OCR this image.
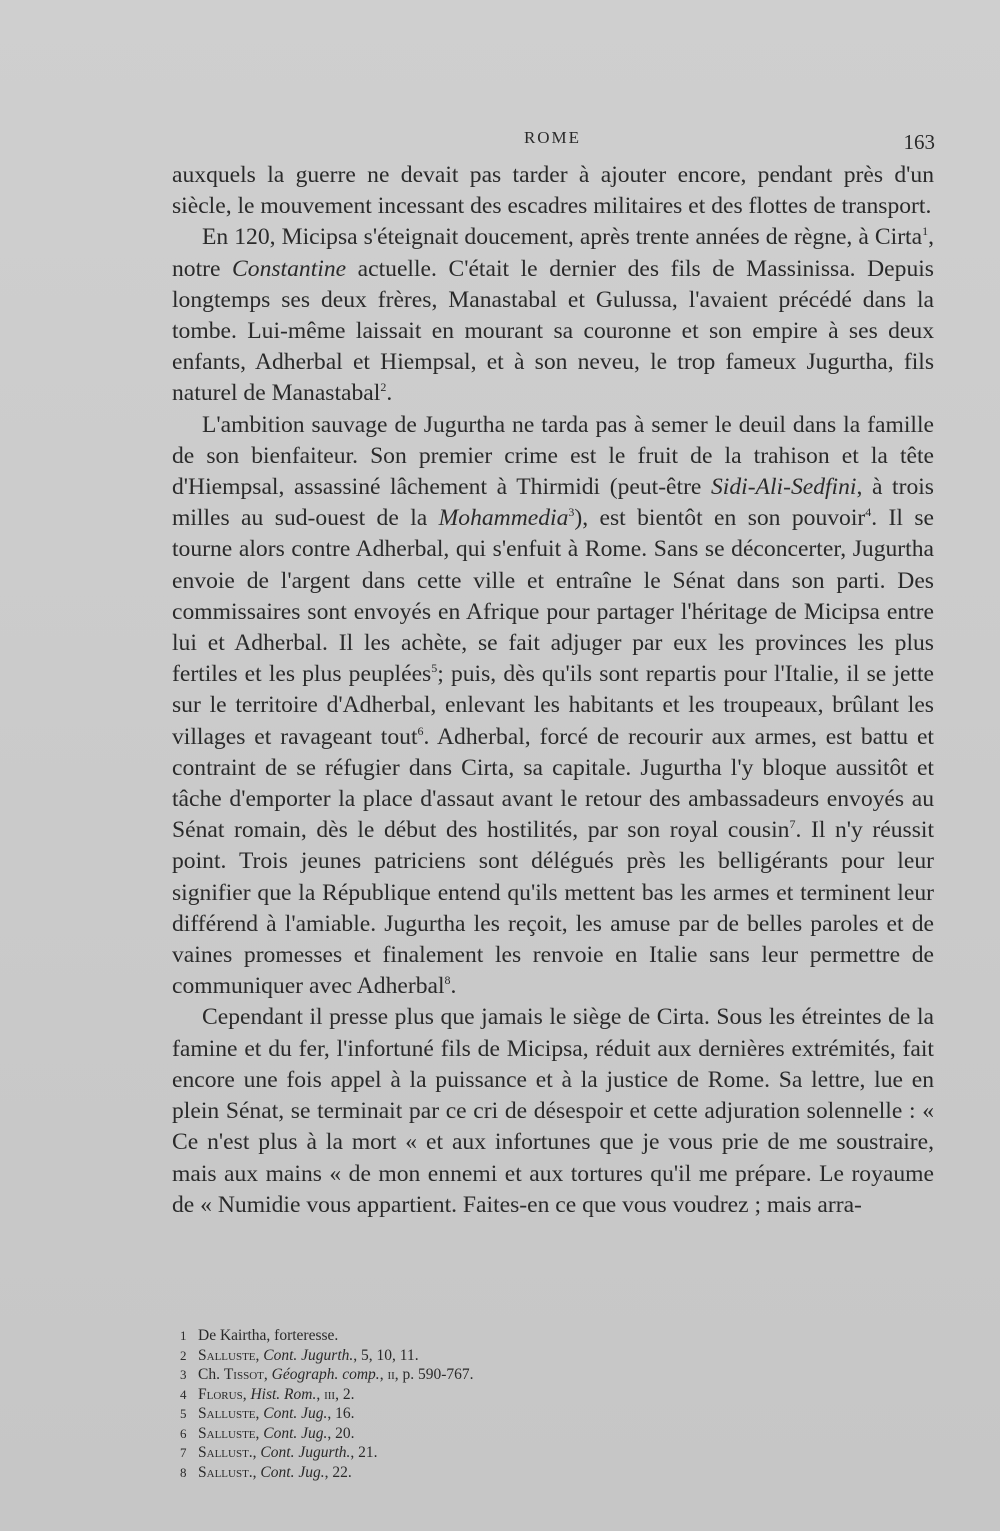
ROME	163

auxquels la guerre ne devait pas tarder à ajouter encore, pendant près d'un siècle, le mouvement incessant des escadres militaires et des flottes de transport.

En 120, Micipsa s'éteignait doucement, après trente années de règne, à Cirta$^1$, notre Constantine actuelle. C'était le dernier des fils de Massinissa. Depuis longtemps ses deux frères, Manastabal et Gulussa, l'avaient précédé dans la tombe. Lui-même laissait en mourant sa couronne et son empire à ses deux enfants, Adherbal et Hiempsal, et à son neveu, le trop fameux Jugurtha, fils naturel de Manastabal$^2$.

L'ambition sauvage de Jugurtha ne tarda pas à semer le deuil dans la famille de son bienfaiteur. Son premier crime est le fruit de la trahison et la tête d'Hiempsal, assassiné lâchement à Thirmidi (peut-être Sidi-Ali-Sedfini, à trois milles au sud-ouest de la Mohammedia$^3$), est bientôt en son pouvoir$^4$. Il se tourne alors contre Adherbal, qui s'enfuit à Rome. Sans se déconcerter, Jugurtha envoie de l'argent dans cette ville et entraîne le Sénat dans son parti. Des commissaires sont envoyés en Afrique pour partager l'héritage de Micipsa entre lui et Adherbal. Il les achète, se fait adjuger par eux les provinces les plus fertiles et les plus peuplées$^5$; puis, dès qu'ils sont repartis pour l'Italie, il se jette sur le territoire d'Adherbal, enlevant les habitants et les troupeaux, brûlant les villages et ravageant tout$^6$. Adherbal, forcé de recourir aux armes, est battu et contraint de se réfugier dans Cirta, sa capitale. Jugurtha l'y bloque aussitôt et tâche d'emporter la place d'assaut avant le retour des ambassadeurs envoyés au Sénat romain, dès le début des hostilités, par son royal cousin$^7$. Il n'y réussit point. Trois jeunes patriciens sont délégués près les belligérants pour leur signifier que la République entend qu'ils mettent bas les armes et terminent leur différend à l'amiable. Jugurtha les reçoit, les amuse par de belles paroles et de vaines promesses et finalement les renvoie en Italie sans leur permettre de communiquer avec Adherbal$^8$.

Cependant il presse plus que jamais le siège de Cirta. Sous les étreintes de la famine et du fer, l'infortuné fils de Micipsa, réduit aux dernières extrémités, fait encore une fois appel à la puissance et à la justice de Rome. Sa lettre, lue en plein Sénat, se terminait par ce cri de désespoir et cette adjuration solennelle : « Ce n'est plus à la mort « et aux infortunes que je vous prie de me soustraire, mais aux mains « de mon ennemi et aux tortures qu'il me prépare. Le royaume de « Numidie vous appartient. Faites-en ce que vous voudrez ; mais arra-

1 De Kairtha, forteresse.
2 Salluste, Cont. Jugurth., 5, 10, 11.
3 Ch. Tissot, Géograph. comp., ii, p. 590-767.
4 Florus, Hist. Rom., iii, 2.
5 Salluste, Cont. Jug., 16.
6 Salluste, Cont. Jug., 20.
7 Sallust., Cont. Jugurth., 21.
8 Sallust., Cont. Jug., 22.
